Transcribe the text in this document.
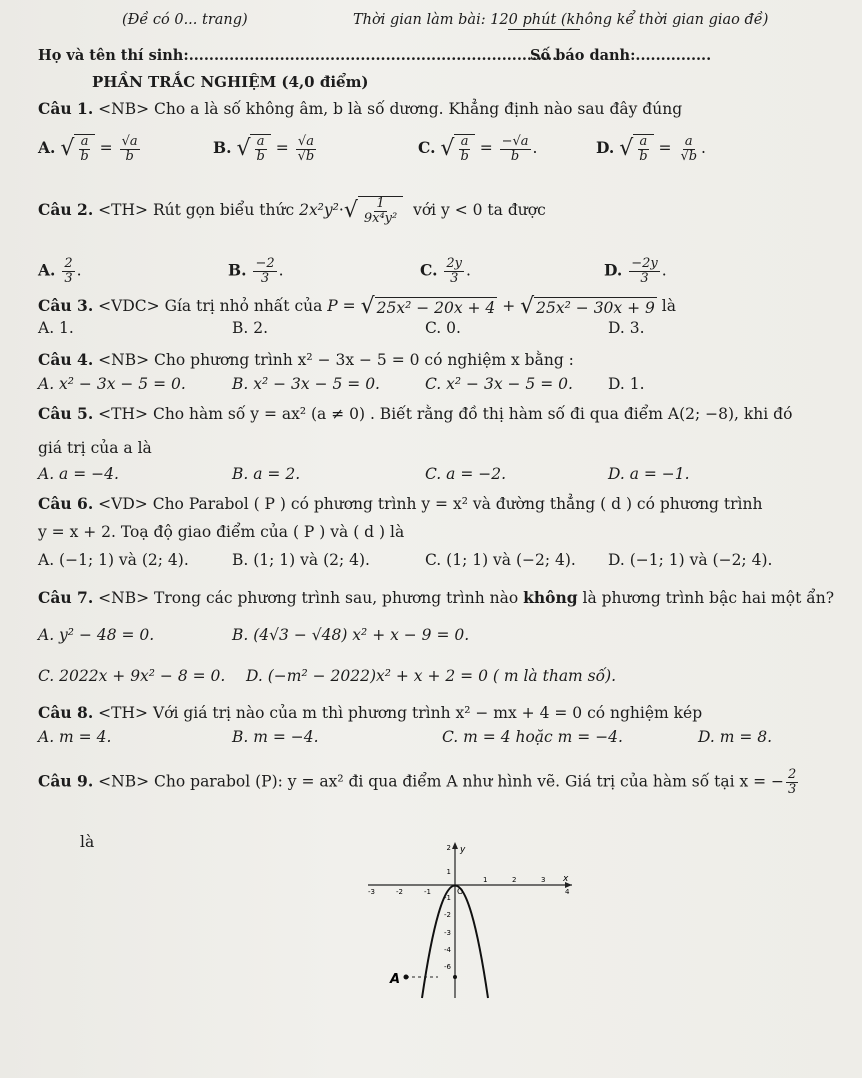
(Đề có 0... trang)	Thời gian làm bài: 120 phút (không kể thời gian giao đề)
Họ và tên thí sinh:.........................................................................
Số báo danh:...............
PHẦN TRẮC NGHIỆM (4,0 điểm)
Câu 1. <NB> Cho a là số không âm, b là số dương. Khẳng định nào sau đây đúng
A. √ $\frac{a}{b} = \frac{√a}{b}$	B. √ $\frac{a}{b} = \frac{√a}{√b}$	C. √ $\frac{a}{b} = \frac{-√a}{b}$ .	D. √ $\frac{a}{b} = \frac{a}{√b}$ .
Câu 2. <TH> Rút gọn biểu thức 2x²y²· √ $\frac{1}{\text{9x⁴y²}}$ với y < 0 ta được
A. $\frac{2}{3}$ .	B. $\frac{-2}{3}$ .	C. $\frac{2y}{3}$ .	D. $\frac{-2y}{3}$ .
Câu 3. <VDC> Gía trị nhỏ nhất của P = √ 25x² − 20x + 4 + √ 25x² − 30x + 9 là
A. 1.	B. 2.	C. 0.	D. 3.
Câu 4. <NB> Cho phương trình x² − 3x − 5 = 0 có nghiệm x bằng :
A. x² − 3x − 5 = 0.	B. x² − 3x − 5 = 0.	C. x² − 3x − 5 = 0. D. 1.
Câu 5. <TH> Cho hàm số y = ax² (a ≠ 0) . Biết rằng đồ thị hàm số đi qua điểm A(2; −8), khi đó
giá trị của a là
A. a = −4.	B. a = 2.	C. a = −2.	D. a = −1.
Câu 6. <VD> Cho Parabol ( P ) có phương trình y = x² và đường thẳng ( d ) có phương trình
y = x + 2. Toạ độ giao điểm của ( P ) và ( d ) là
A. (−1; 1) và (2; 4).	B. (1; 1) và (2; 4).	C. (1; 1) và (−2; 4). D. (−1; 1) và (−2; 4).
Câu 7. <NB> Trong các phương trình sau, phương trình nào không là phương trình bậc hai một ẩn?
A. y² − 48 = 0.	B. (4√3 − √48) x² + x − 9 = 0.
C. 2022x + 9x² − 8 = 0. D. (−m² − 2022)x² + x + 2 = 0 ( m là tham số).
Câu 8. <TH> Với giá trị nào của m thì phương trình x² − mx + 4 = 0 có nghiệm kép
A. m = 4.	B. m = −4.	C. m = 4 hoặc m = −4.	D. m = 8.
Câu 9. <NB> Cho parabol (P): y = ax² đi qua điểm A như hình vẽ. Giá trị của hàm số tại x = − $\frac{2}{3}$
là
A
y
x
O
-3	-2	-1
1	2	3
4
2
1
-1
-2
-3
-4
-6
